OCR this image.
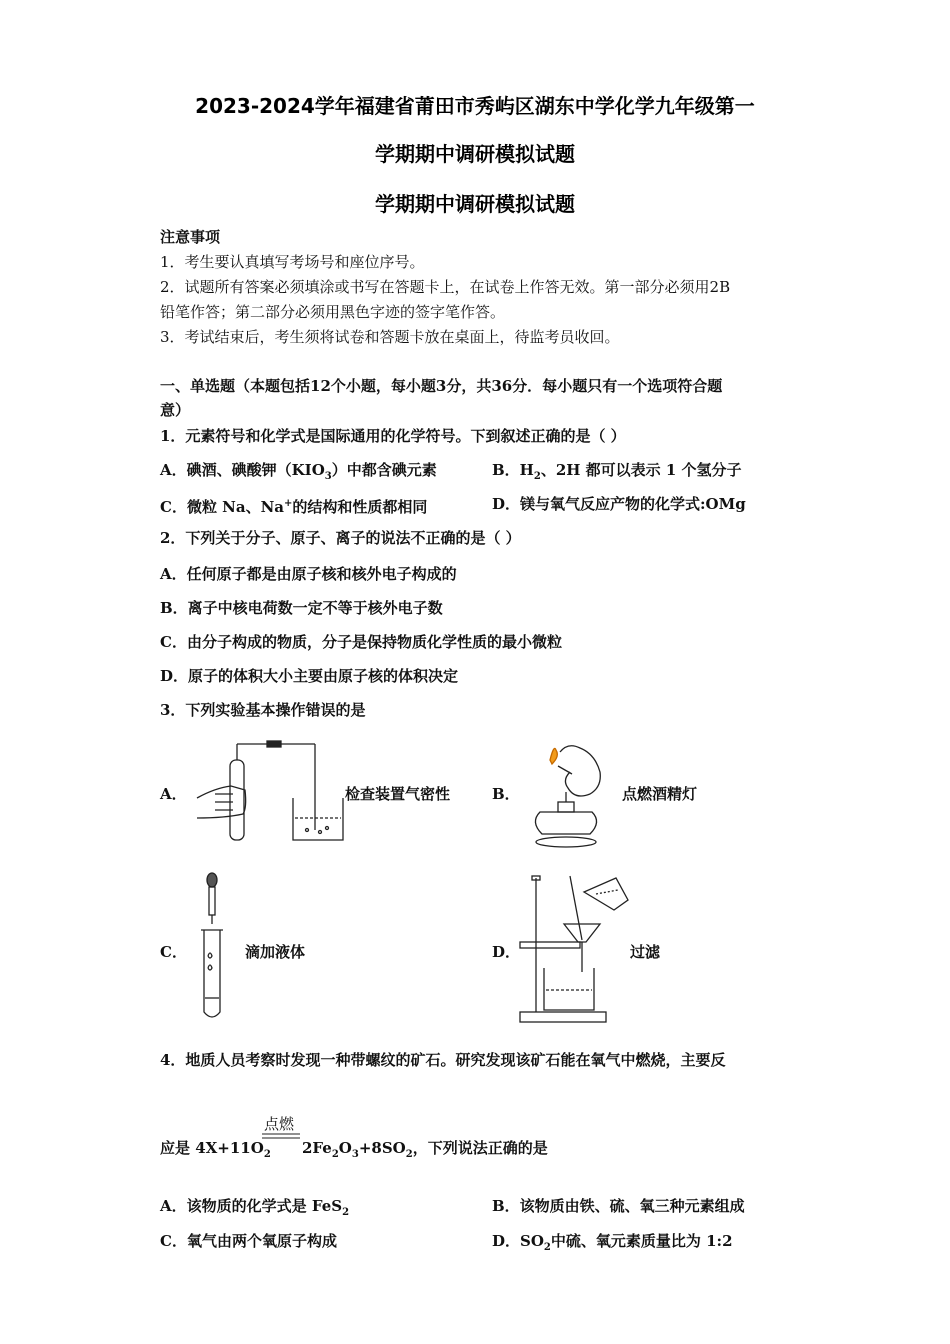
2023-2024学年福建省莆田市秀屿区湖东中学化学九年级第一
学期期中调研模拟试题
学期期中调研模拟试题
注意事项
1．考生要认真填写考场号和座位序号。
2．试题所有答案必须填涂或书写在答题卡上，在试卷上作答无效。第一部分必须用2B
铅笔作答；第二部分必须用黑色字迹的签字笔作答。
3．考试结束后，考生须将试卷和答题卡放在桌面上，待监考员收回。
一、单选题（本题包括12个小题，每小题3分，共36分．每小题只有一个选项符合题
意）
1．元素符号和化学式是国际通用的化学符号。下到叙述正确的是（ ）
A．碘酒、碘酸钾$(KIO_3)$中都含碘元素	B．$H_2$、2H 都可以表示 1 个氢分子
C．微粒 Na、Na+的结构和性质都相同	D．镁与氧气反应产物的化学式:OMg
2．下列关于分子、原子、离子的说法不正确的是（ ）
A．任何原子都是由原子核和核外电子构成的
B．离子中核电荷数一定不等于核外电子数
C．由分子构成的物质，分子是保持物质化学性质的最小微粒
D．原子的体积大小主要由原子核的体积决定
3．下列实验基本操作错误的是
A．	检查装置气密性	B．	点燃酒精灯
C．	滴加液体	D．	过滤
4．地质人员考察时发现一种带螺纹的矿石。研究发现该矿石能在氧气中燃烧，主要反
点燃
应是 $4X+11O_2$ $2Fe_2O_3+8SO_2$，下列说法正确的是
A．该物质的化学式是 FeS$_2$	B．该物质由铁、硫、氧三种元素组成
C．氧气由两个氧原子构成	D．$SO_2$中硫、氧元素质量比为 1:2
